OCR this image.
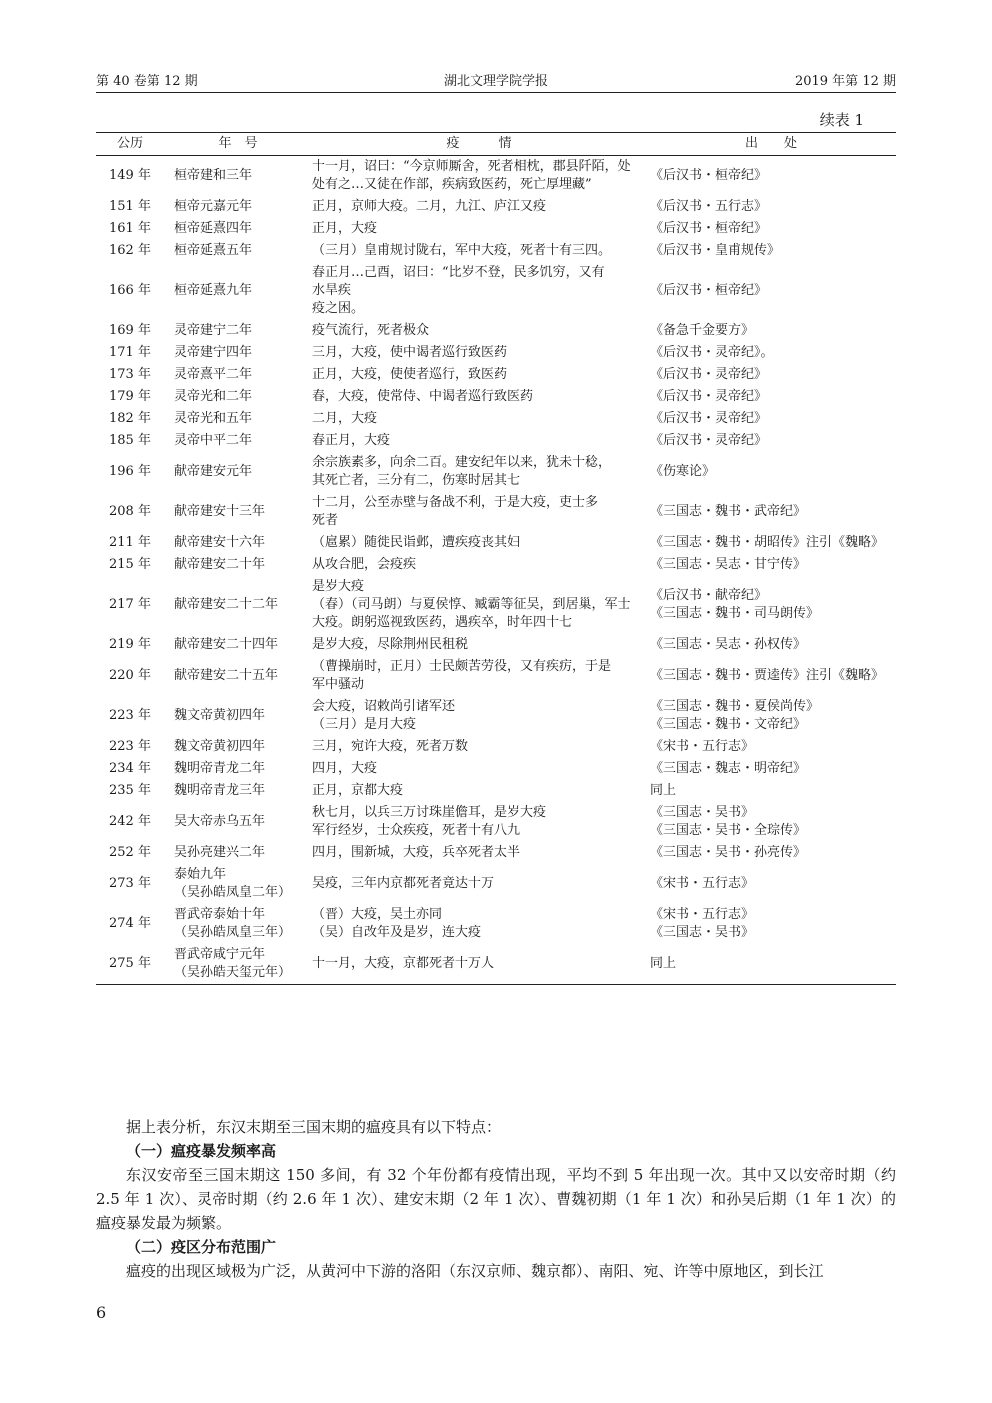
第 40 卷第 12 期	湖北文理学院学报	2019 年第 12 期
续表 1
公历	年　号	疫　　　情	出　　处
149 年	桓帝建和三年	十一月，诏曰：“今京师厮舍，死者相枕，郡县阡陌，处
处有之…又徒在作部，疾病致医药，死亡厚埋藏”	《后汉书・桓帝纪》

151 年	桓帝元嘉元年	正月，京师大疫。二月，九江、庐江又疫	《后汉书・五行志》

161 年	桓帝延熹四年	正月，大疫	《后汉书・桓帝纪》

162 年	桓帝延熹五年	（三月）皇甫规讨陇右，军中大疫，死者十有三四。	《后汉书・皇甫规传》

166 年	桓帝延熹九年	春正月…己酉，诏曰：“比岁不登，民多饥穷，又有
水旱疾
疫之困。	《后汉书・桓帝纪》

169 年	灵帝建宁二年	疫气流行，死者极众	《备急千金要方》

171 年	灵帝建宁四年	三月，大疫，使中谒者巡行致医药	《后汉书・灵帝纪》。

173 年	灵帝熹平二年	正月，大疫，使使者巡行，致医药	《后汉书・灵帝纪》

179 年	灵帝光和二年	春，大疫，使常侍、中谒者巡行致医药	《后汉书・灵帝纪》

182 年	灵帝光和五年	二月，大疫	《后汉书・灵帝纪》

185 年	灵帝中平二年	春正月，大疫	《后汉书・灵帝纪》

196 年	献帝建安元年	余宗族素多，向余二百。建安纪年以来，犹未十稔，
其死亡者，三分有二，伤寒时居其七	《伤寒论》

208 年	献帝建安十三年	十二月，公至赤壁与备战不利，于是大疫，吏士多
死者	《三国志・魏书・武帝纪》

211 年	献帝建安十六年	（扈累）随徙民诣邺，遭疾疫丧其妇	《三国志・魏书・胡昭传》注引《魏略》

215 年	献帝建安二十年	从攻合肥，会疫疾	《三国志・吴志・甘宁传》

217 年	献帝建安二十二年	是岁大疫
（春）（司马朗）与夏侯惇、臧霸等征吴，到居巢，军士
大疫。朗躬巡视致医药，遇疾卒，时年四十七	《后汉书・献帝纪》
《三国志・魏书・司马朗传》

219 年	献帝建安二十四年	是岁大疫，尽除荆州民租税	《三国志・吴志・孙权传》

220 年	献帝建安二十五年	（曹操崩时，正月）士民颇苦劳役，又有疾疠，于是
军中骚动	《三国志・魏书・贾逵传》注引《魏略》

223 年	魏文帝黄初四年	会大疫，诏敕尚引诸军还
（三月）是月大疫	《三国志・魏书・夏侯尚传》
《三国志・魏书・文帝纪》

223 年	魏文帝黄初四年	三月，宛许大疫，死者万数	《宋书・五行志》

234 年	魏明帝青龙二年	四月，大疫	《三国志・魏志・明帝纪》

235 年	魏明帝青龙三年	正月，京都大疫	同上

242 年	吴大帝赤乌五年	秋七月，以兵三万讨珠崖儋耳，是岁大疫
军行经岁，士众疾疫，死者十有八九	《三国志・吴书》
《三国志・吴书・全琮传》

252 年	吴孙亮建兴二年	四月，围新城，大疫，兵卒死者太半	《三国志・吴书・孙亮传》

273 年	泰始九年
（吴孙皓凤皇二年）	吴疫，三年内京都死者竟达十万	《宋书・五行志》

274 年	晋武帝泰始十年
（吴孙皓凤皇三年）	（晋）大疫，吴土亦同
（吴）自改年及是岁，连大疫	《宋书・五行志》
《三国志・吴书》

275 年	晋武帝咸宁元年
（吴孙皓天玺元年）	十一月，大疫，京都死者十万人	同上

据上表分析，东汉末期至三国末期的瘟疫具有以下特点：

（一）瘟疫暴发频率高

东汉安帝至三国末期这 150 多间，有 32 个年份都有疫情出现，平均不到 5 年出现一次。其中又以安帝时期（约 2.5 年 1 次）、灵帝时期（约 2.6 年 1 次）、建安末期（2 年 1 次）、曹魏初期（1 年 1 次）和孙吴后期（1 年 1 次）的瘟疫暴发最为频繁。

（二）疫区分布范围广

瘟疫的出现区域极为广泛，从黄河中下游的洛阳（东汉京师、魏京都）、南阳、宛、许等中原地区，到长江

6
